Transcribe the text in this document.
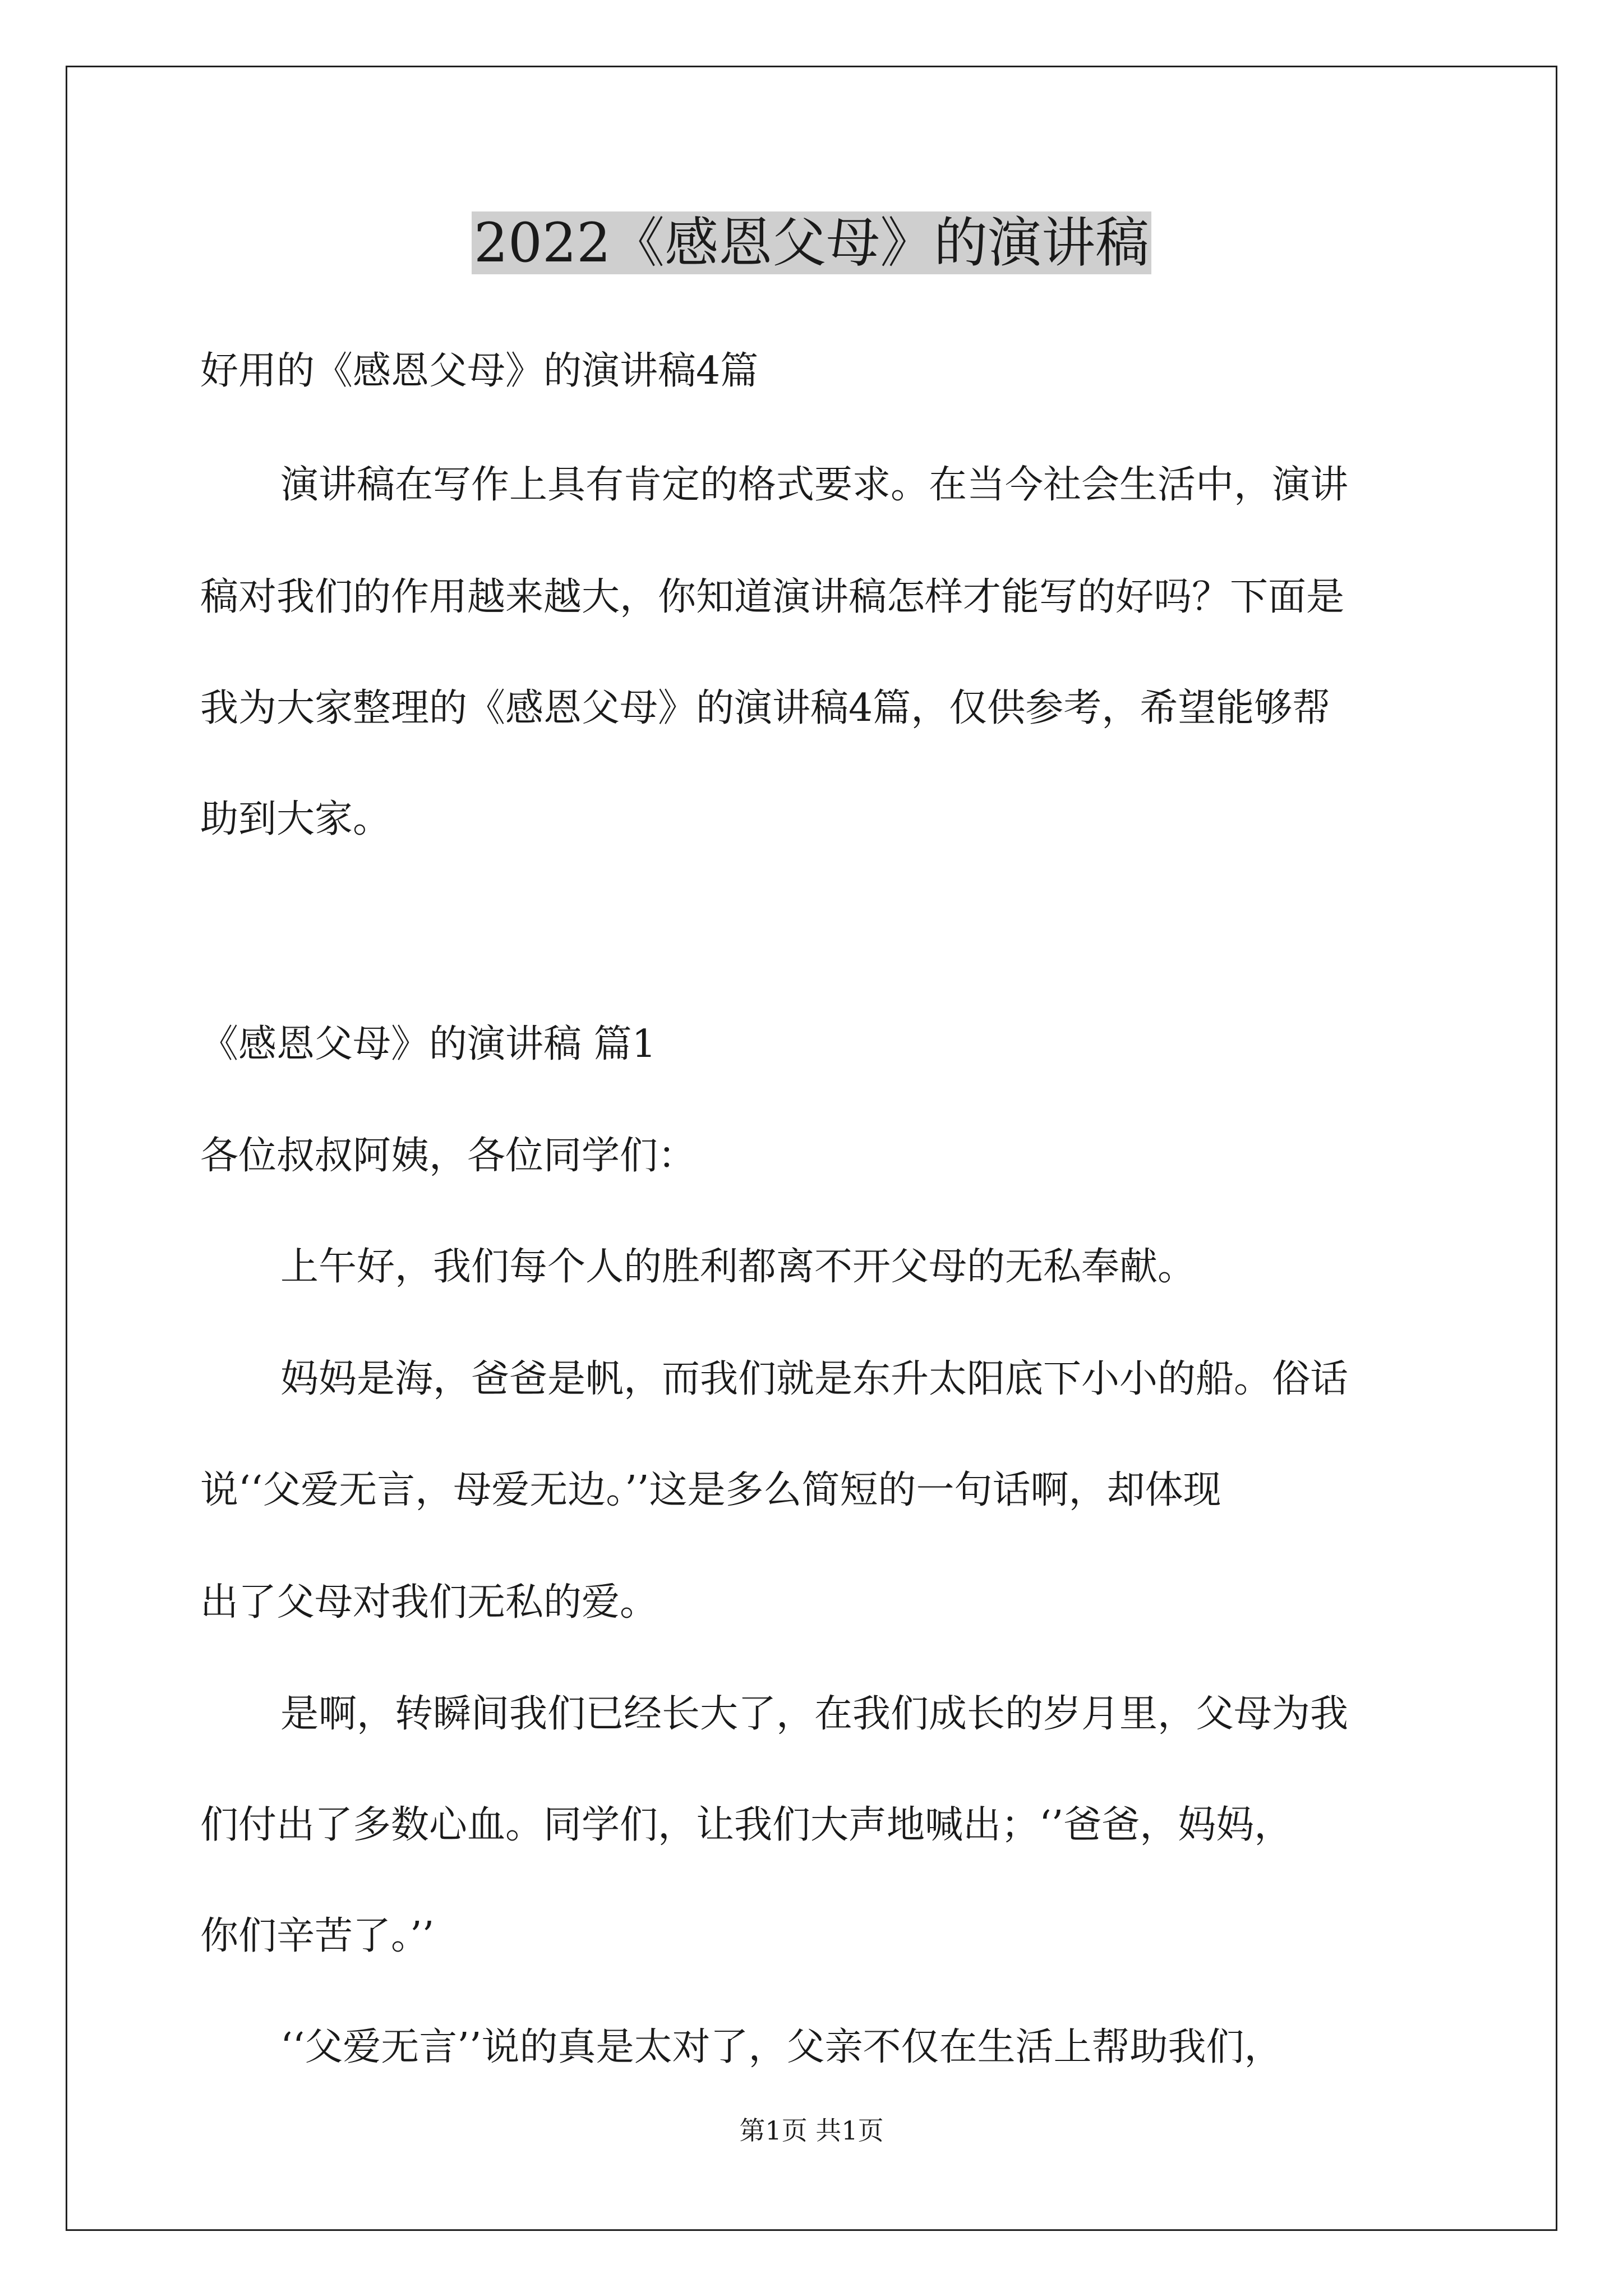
2022《感恩父母》的演讲稿

好用的《感恩父母》的演讲稿4篇

演讲稿在写作上具有肯定的格式要求。在当今社会生活中，演讲

稿对我们的作用越来越大，你知道演讲稿怎样才能写的好吗？下面是

我为大家整理的《感恩父母》的演讲稿4篇，仅供参考，希望能够帮

助到大家。

《感恩父母》的演讲稿 篇1

各位叔叔阿姨，各位同学们：

上午好，我们每个人的胜利都离不开父母的无私奉献。

妈妈是海，爸爸是帆，而我们就是东升太阳底下小小的船。俗话

说‘‘父爱无言，母爱无边。’’这是多么简短的一句话啊，却体现

出了父母对我们无私的爱。

是啊，转瞬间我们已经长大了，在我们成长的岁月里，父母为我

们付出了多数心血。同学们，让我们大声地喊出；‘’爸爸，妈妈，

你们辛苦了。’’

‘‘父爱无言’’说的真是太对了，父亲不仅在生活上帮助我们，

第1页 共1页
